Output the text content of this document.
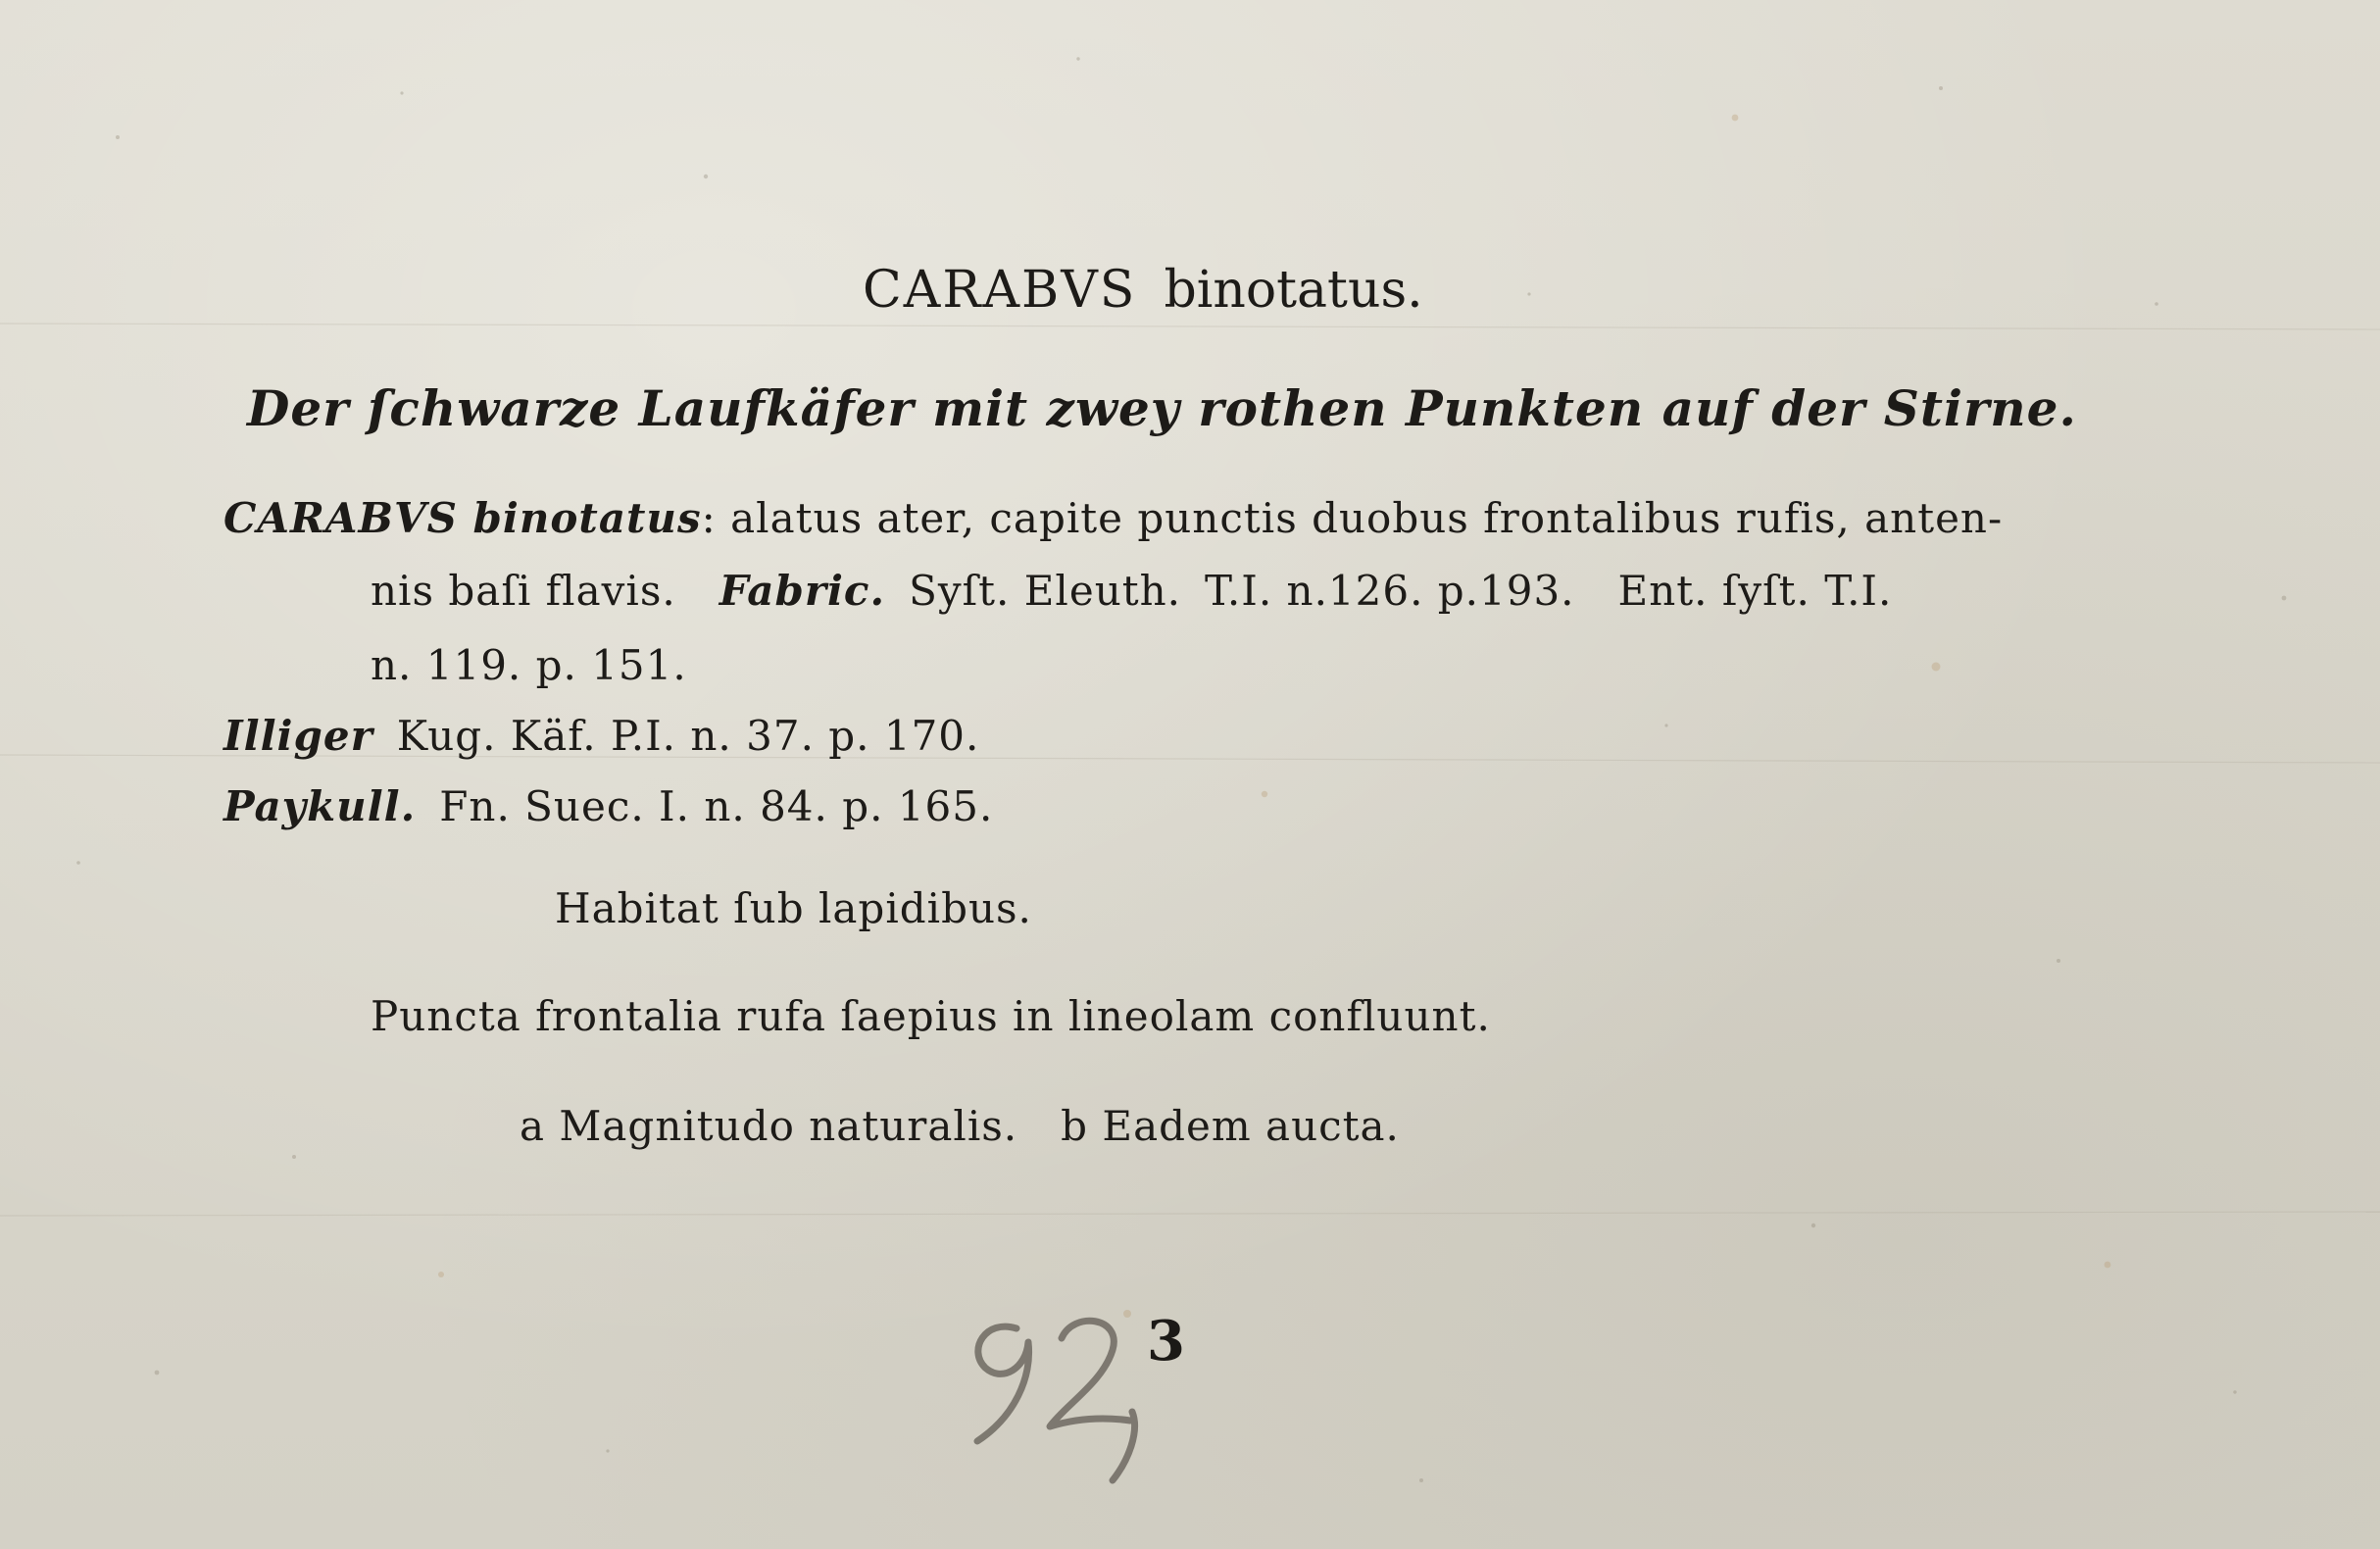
CARABVS binotatus.
Der ſchwarze Laufkäfer mit zwey rothen Punkten auf der Stirne.
CARABVS binotatus: alatus ater, capite punctis duobus frontalibus rufis, anten-
nis baſi flavis. Fabric. Syſt. Eleuth. T.I. n.126. p.193. Ent. ſyſt. T.I.
n. 119. p. 151.
Illiger Kug. Käf. P.I. n. 37. p. 170.
Paykull. Fn. Suec. I. n. 84. p. 165.
Habitat ſub lapidibus.
Puncta frontalia rufa ſaepius in lineolam confluunt.
a Magnitudo naturalis. b Eadem aucta.
3
